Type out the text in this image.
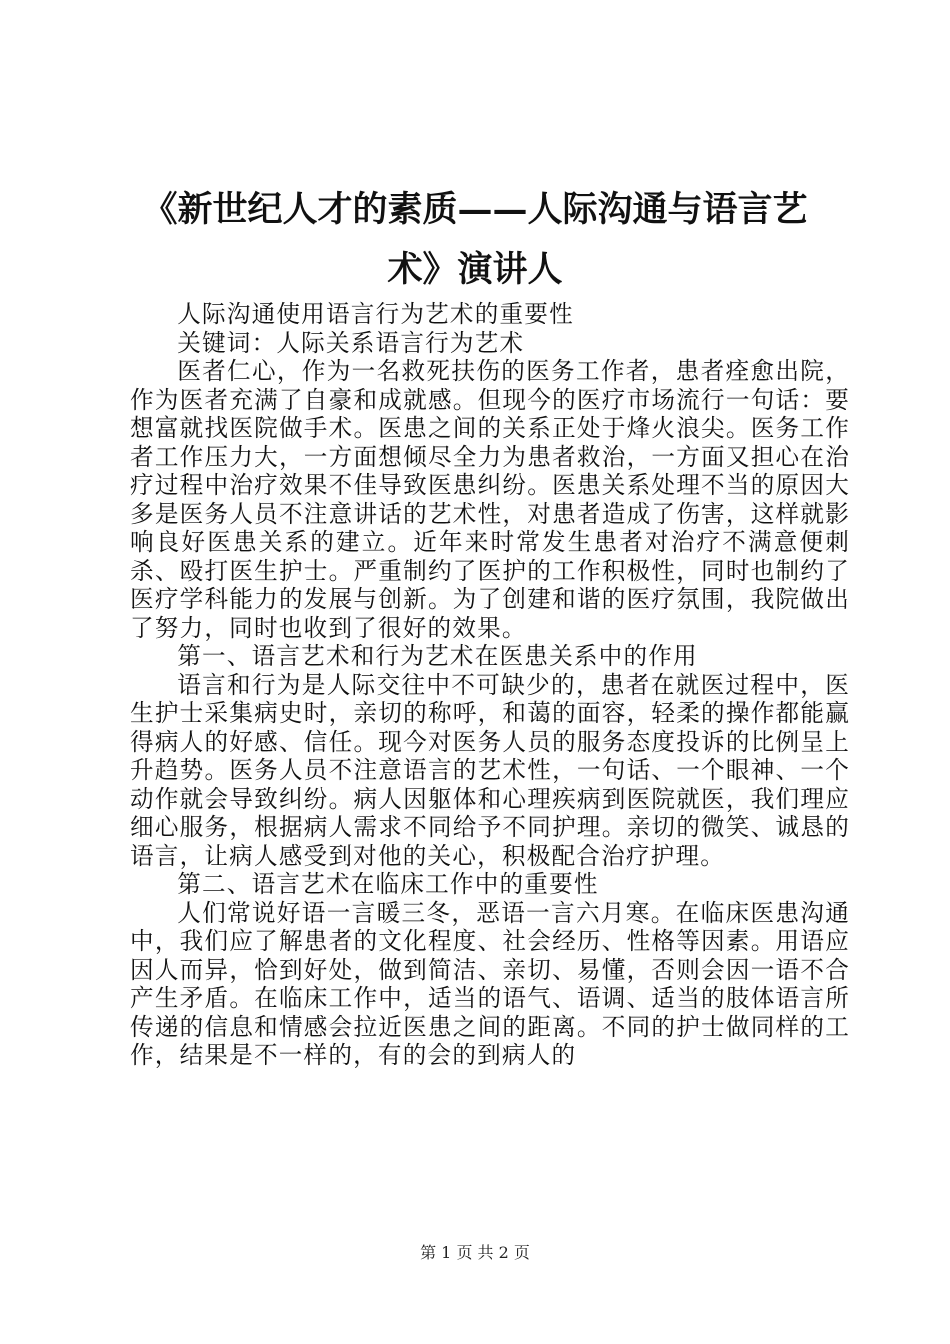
《新世纪人才的素质——人际沟通与语言艺术》演讲人

人际沟通使用语言行为艺术的重要性

关键词：人际关系语言行为艺术

医者仁心，作为一名救死扶伤的医务工作者，患者痊愈出院，作为医者充满了自豪和成就感。但现今的医疗市场流行一句话：要想富就找医院做手术。医患之间的关系正处于烽火浪尖。医务工作者工作压力大，一方面想倾尽全力为患者救治，一方面又担心在治疗过程中治疗效果不佳导致医患纠纷。医患关系处理不当的原因大多是医务人员不注意讲话的艺术性，对患者造成了伤害，这样就影响良好医患关系的建立。近年来时常发生患者对治疗不满意便刺杀、殴打医生护士。严重制约了医护的工作积极性，同时也制约了医疗学科能力的发展与创新。为了创建和谐的医疗氛围，我院做出了努力，同时也收到了很好的效果。

第一、语言艺术和行为艺术在医患关系中的作用

语言和行为是人际交往中不可缺少的，患者在就医过程中，医生护士采集病史时，亲切的称呼，和蔼的面容，轻柔的操作都能赢得病人的好感、信任。现今对医务人员的服务态度投诉的比例呈上升趋势。医务人员不注意语言的艺术性，一句话、一个眼神、一个动作就会导致纠纷。病人因躯体和心理疾病到医院就医，我们理应细心服务，根据病人需求不同给予不同护理。亲切的微笑、诚恳的语言，让病人感受到对他的关心，积极配合治疗护理。

第二、语言艺术在临床工作中的重要性

人们常说好语一言暖三冬，恶语一言六月寒。在临床医患沟通中，我们应了解患者的文化程度、社会经历、性格等因素。用语应因人而异，恰到好处，做到简洁、亲切、易懂，否则会因一语不合产生矛盾。在临床工作中，适当的语气、语调、适当的肢体语言所传递的信息和情感会拉近医患之间的距离。不同的护士做同样的工作，结果是不一样的，有的会的到病人的

第 1 页 共 2 页
